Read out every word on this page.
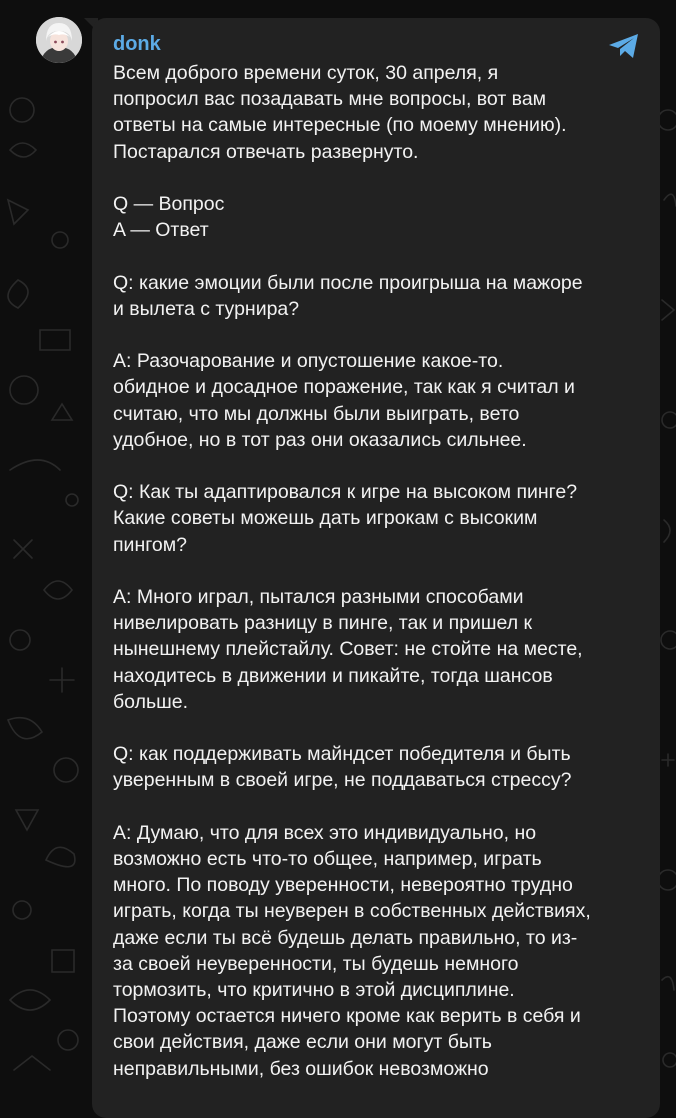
donk
Всем доброго времени суток, 30 апреля, я
попросил вас позадавать мне вопросы, вот вам
ответы на самые интересные (по моему мнению).
Постарался отвечать развернуто.
Q — Вопрос
A — Ответ
Q: какие эмоции были после проигрыша на мажоре
и вылета с турнира?
A: Разочарование и опустошение какое-то.
обидное и досадное поражение, так как я считал и
считаю, что мы должны были выиграть, вето
удобное, но в тот раз они оказались сильнее.
Q: Как ты адаптировался к игре на высоком пинге?
Какие советы можешь дать игрокам с высоким
пингом?
A: Много играл, пытался разными способами
нивелировать разницу в пинге, так и пришел к
нынешнему плейстайлу. Совет: не стойте на месте,
находитесь в движении и пикайте, тогда шансов
больше.
Q: как поддерживать майндсет победителя и быть
уверенным в своей игре, не поддаваться стрессу?
A: Думаю, что для всех это индивидуально, но
возможно есть что-то общее, например, играть
много. По поводу уверенности, невероятно трудно
играть, когда ты неуверен в собственных действиях,
даже если ты всё будешь делать правильно, то из-
за своей неуверенности, ты будешь немного
тормозить, что критично в этой дисциплине.
Поэтому остается ничего кроме как верить в себя и
свои действия, даже если они могут быть
неправильными, без ошибок невозможно
